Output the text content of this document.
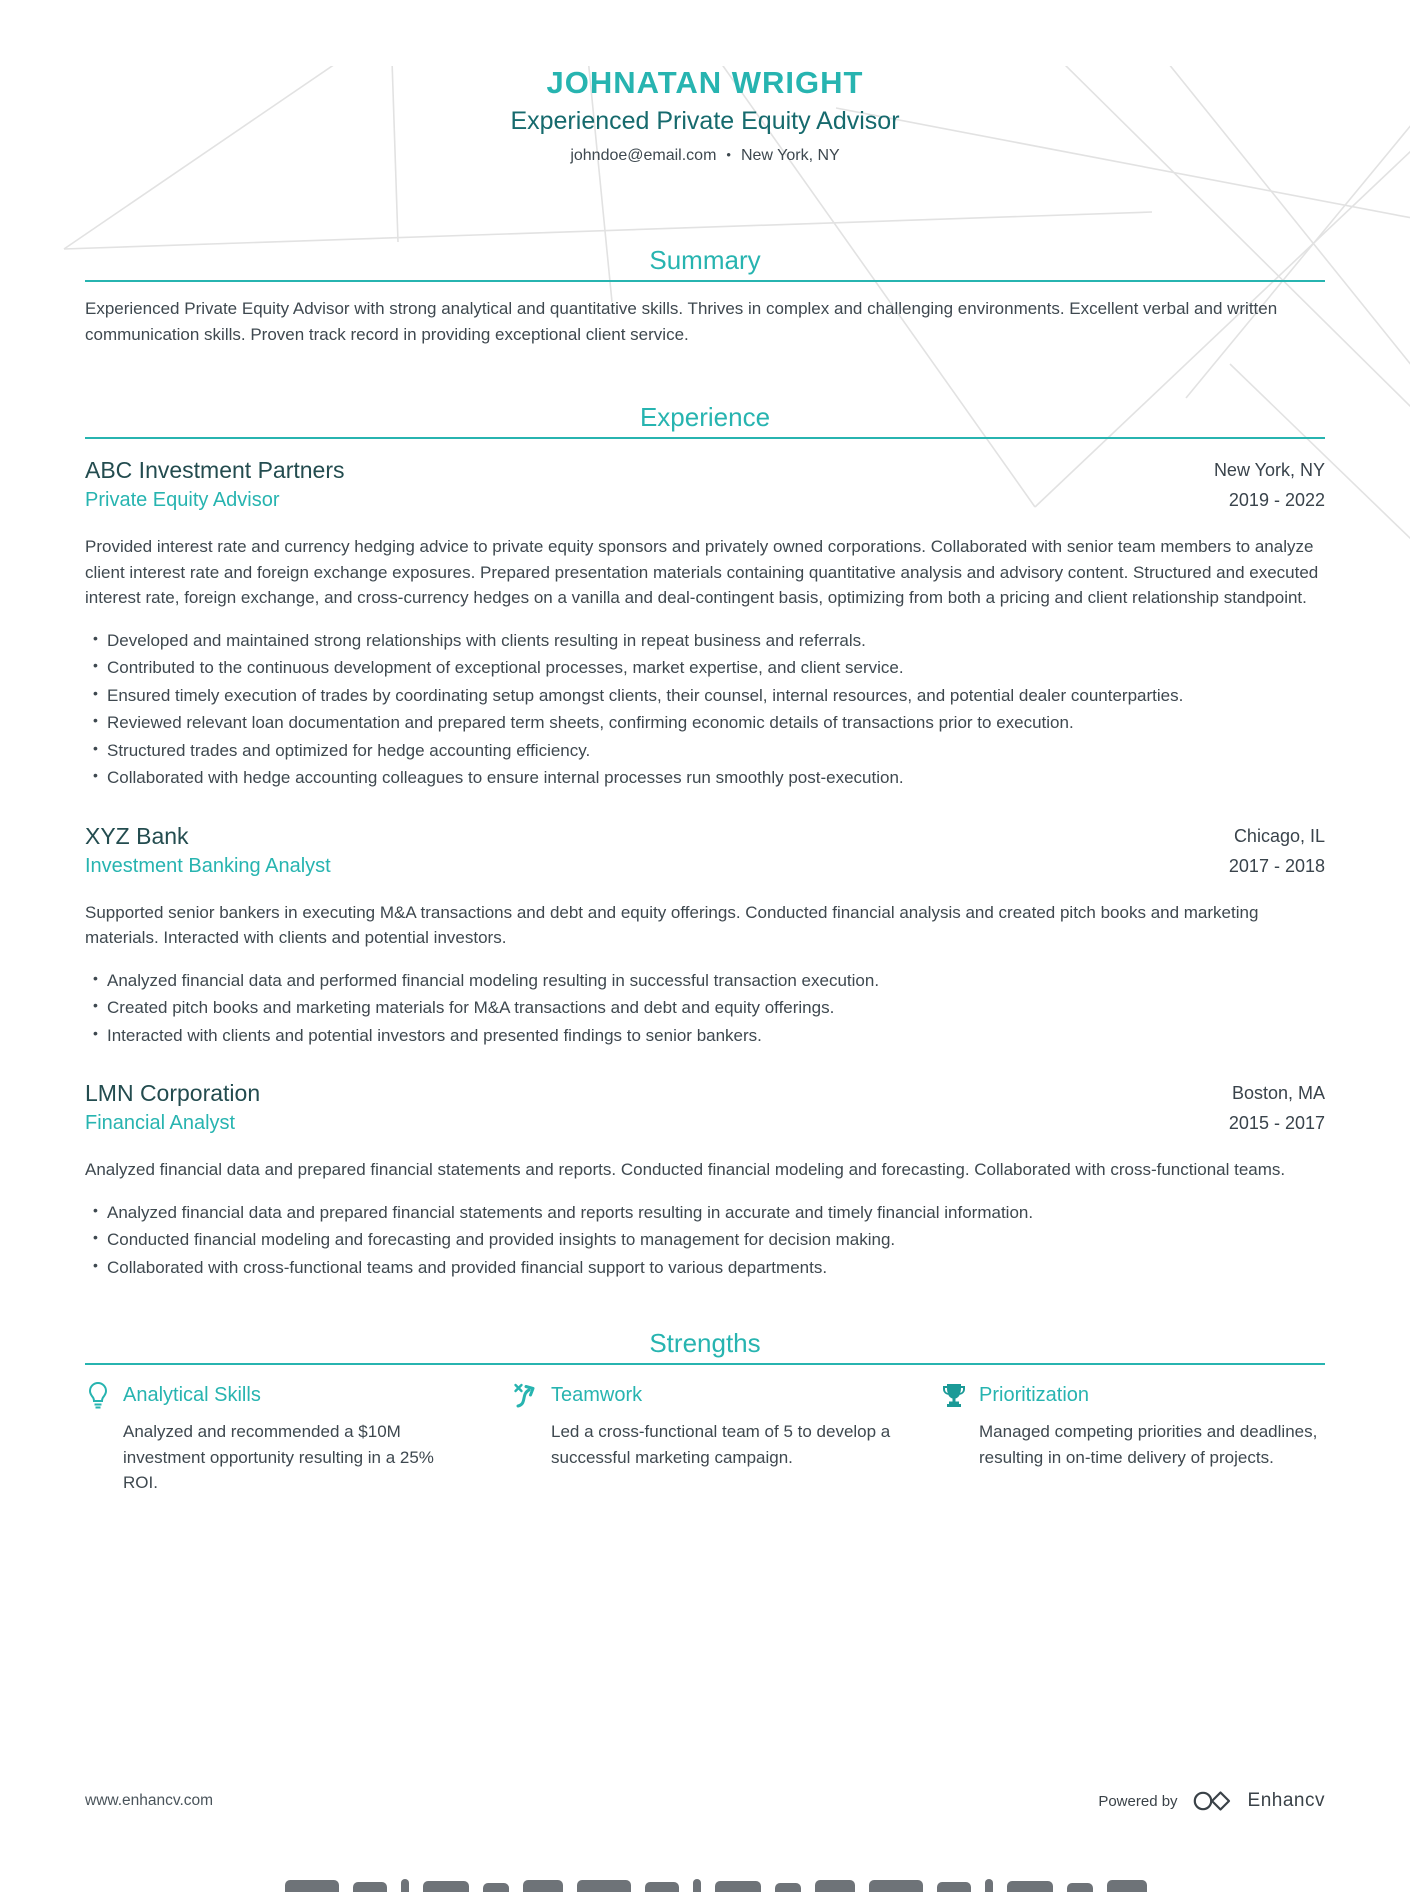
JOHNATAN WRIGHT
Experienced Private Equity Advisor
johndoe@email.com • New York, NY
Summary

Experienced Private Equity Advisor with strong analytical and quantitative skills. Thrives in complex and challenging environments. Excellent verbal and written communication skills. Proven track record in providing exceptional client service.

Experience
ABC Investment Partners
Private Equity Advisor
New York, NY
2019 - 2022

Provided interest rate and currency hedging advice to private equity sponsors and privately owned corporations. Collaborated with senior team members to analyze client interest rate and foreign exchange exposures. Prepared presentation materials containing quantitative analysis and advisory content. Structured and executed interest rate, foreign exchange, and cross-currency hedges on a vanilla and deal-contingent basis, optimizing from both a pricing and client relationship standpoint.

• Developed and maintained strong relationships with clients resulting in repeat business and referrals.
• Contributed to the continuous development of exceptional processes, market expertise, and client service.
• Ensured timely execution of trades by coordinating setup amongst clients, their counsel, internal resources, and potential dealer counterparties.
• Reviewed relevant loan documentation and prepared term sheets, confirming economic details of transactions prior to execution.
• Structured trades and optimized for hedge accounting efficiency.
• Collaborated with hedge accounting colleagues to ensure internal processes run smoothly post-execution.
XYZ Bank
Investment Banking Analyst
Chicago, IL
2017 - 2018

Supported senior bankers in executing M&A transactions and debt and equity offerings. Conducted financial analysis and created pitch books and marketing materials. Interacted with clients and potential investors.

• Analyzed financial data and performed financial modeling resulting in successful transaction execution.
• Created pitch books and marketing materials for M&A transactions and debt and equity offerings.
• Interacted with clients and potential investors and presented findings to senior bankers.
LMN Corporation
Financial Analyst
Boston, MA
2015 - 2017

Analyzed financial data and prepared financial statements and reports. Conducted financial modeling and forecasting. Collaborated with cross-functional teams.

• Analyzed financial data and prepared financial statements and reports resulting in accurate and timely financial information.
• Conducted financial modeling and forecasting and provided insights to management for decision making.
• Collaborated with cross-functional teams and provided financial support to various departments.
Strengths
Analytical Skills

Analyzed and recommended a $10M investment opportunity resulting in a 25% ROI.

Teamwork

Led a cross-functional team of 5 to develop a successful marketing campaign.

Prioritization

Managed competing priorities and deadlines, resulting in on-time delivery of projects.

www.enhancv.com	Powered by	Enhancv
